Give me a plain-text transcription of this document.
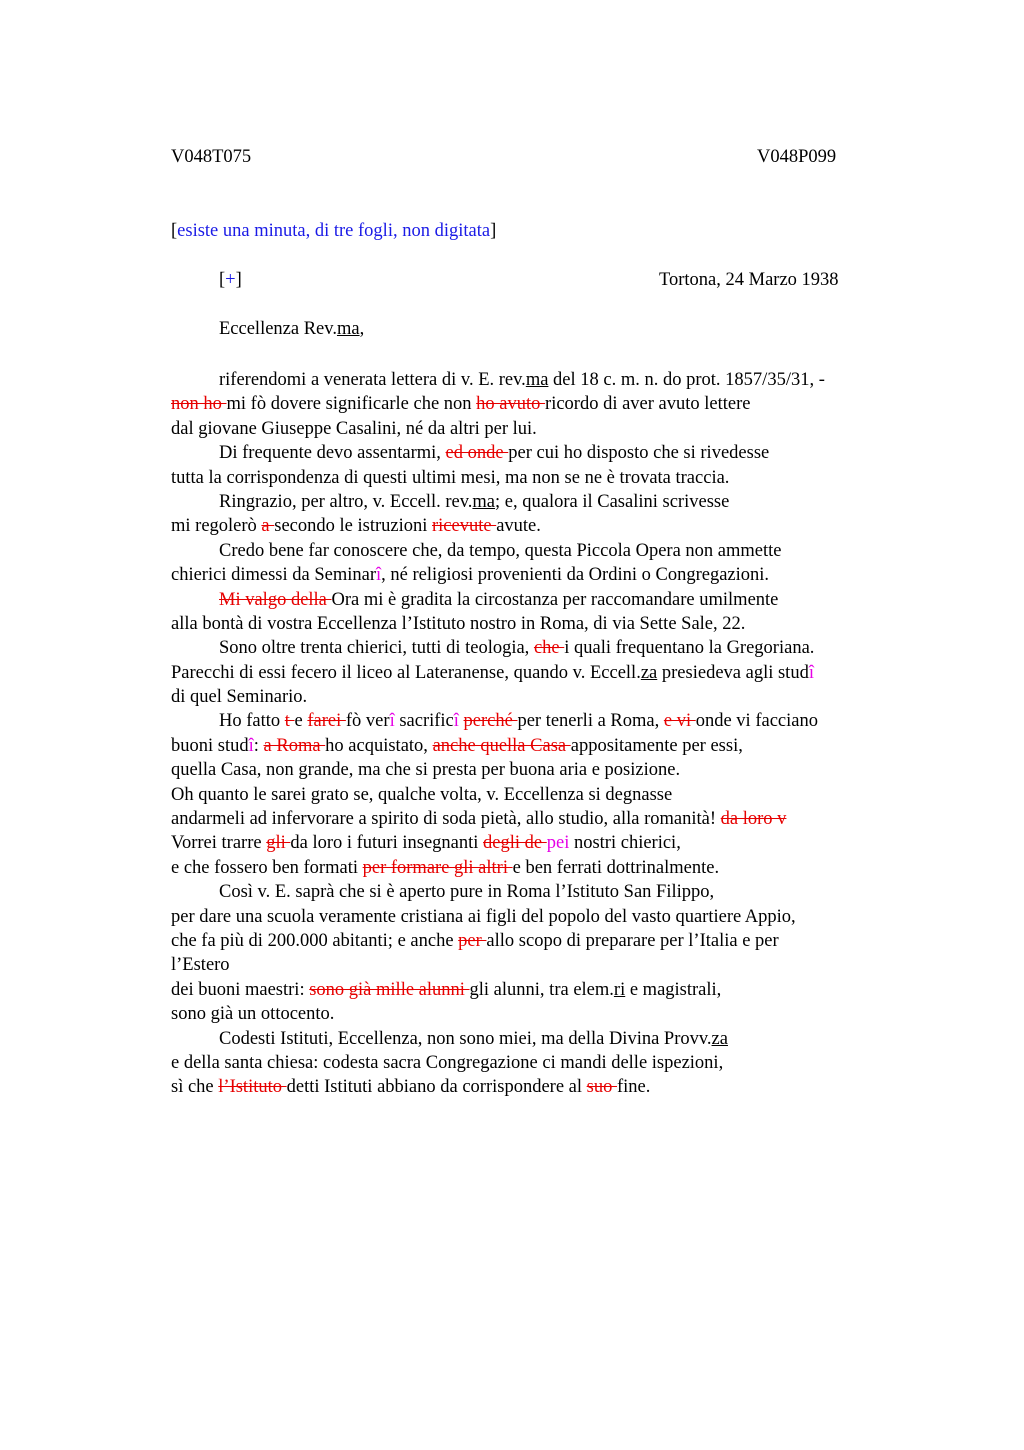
V048T075	V048P099
[esiste una minuta, di tre fogli, non digitata]
[+]	Tortona, 24 Marzo 1938
Eccellenza Rev.ma,
riferendomi a venerata lettera di v. E. rev.ma del 18 c. m. n. do prot. 1857/35/31, -
non ho mi fò dovere significarle che non ho avuto ricordo di aver avuto lettere
dal giovane Giuseppe Casalini, né da altri per lui.
Di frequente devo assentarmi, ed onde per cui ho disposto che si rivedesse
tutta la corrispondenza di questi ultimi mesi, ma non se ne è trovata traccia.
Ringrazio, per altro, v. Eccell. rev.ma; e, qualora il Casalini scrivesse
mi regolerò a secondo le istruzioni ricevute avute.
Credo bene far conoscere che, da tempo, questa Piccola Opera non ammette
chierici dimessi da Seminarî, né religiosi provenienti da Ordini o Congregazioni.
Mi valgo della Ora mi è gradita la circostanza per raccomandare umilmente
alla bontà di vostra Eccellenza l’Istituto nostro in Roma, di via Sette Sale, 22.
Sono oltre trenta chierici, tutti di teologia, che i quali frequentano la Gregoriana.
Parecchi di essi fecero il liceo al Lateranense, quando v. Eccell.za presiedeva agli studî
di quel Seminario.
Ho fatto t e farei fò verî sacrificî perché per tenerli a Roma, e vi onde vi facciano
buoni studî: a Roma ho acquistato, anche quella Casa appositamente per essi,
quella Casa, non grande, ma che si presta per buona aria e posizione.
Oh quanto le sarei grato se, qualche volta, v. Eccellenza si degnasse
andarmeli ad infervorare a spirito di soda pietà, allo studio, alla romanità! da loro v
Vorrei trarre gli da loro i futuri insegnanti degli de pei nostri chierici,
e che fossero ben formati per formare gli altri e ben ferrati dottrinalmente.
Così v. E. saprà che si è aperto pure in Roma l’Istituto San Filippo,
per dare una scuola veramente cristiana ai figli del popolo del vasto quartiere Appio,
che fa più di 200.000 abitanti; e anche per allo scopo di preparare per l’Italia e per
l’Estero
dei buoni maestri: sono già mille alunni gli alunni, tra elem.ri e magistrali,
sono già un ottocento.
Codesti Istituti, Eccellenza, non sono miei, ma della Divina Provv.za
e della santa chiesa: codesta sacra Congregazione ci mandi delle ispezioni,
sì che l’Istituto detti Istituti abbiano da corrispondere al suo fine.
